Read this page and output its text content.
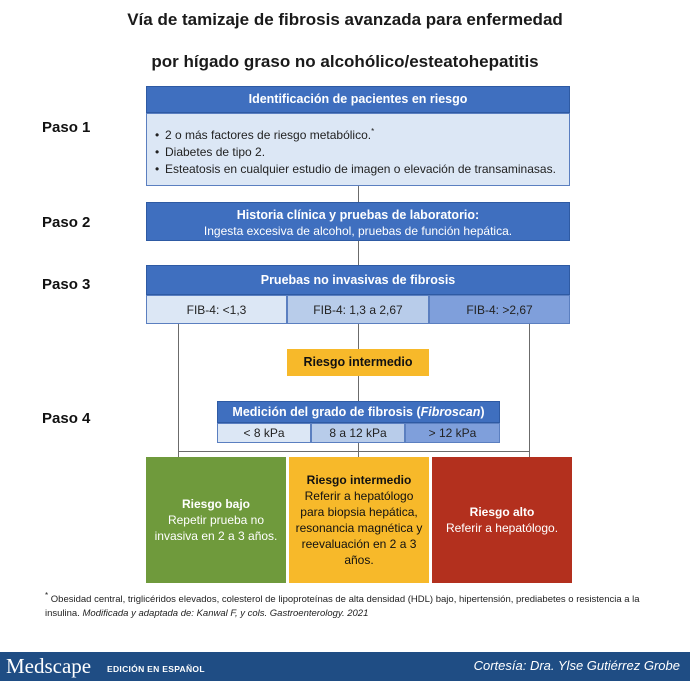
Vía de tamizaje de fibrosis avanzada para enfermedad
por hígado graso no alcohólico/esteatohepatitis
Paso 1
Paso 2
Paso 3
Paso 4
Identificación de pacientes en riesgo
• 2 o más factores de riesgo metabólico.*
• Diabetes de tipo 2.
• Esteatosis en cualquier estudio de imagen o elevación de transaminasas.
Historia clínica y pruebas de laboratorio:
Ingesta excesiva de alcohol, pruebas de función hepática.
Pruebas no invasivas de fibrosis
FIB-4: <1,3	FIB-4: 1,3 a 2,67	FIB-4: >2,67
Riesgo intermedio
Medición del grado de fibrosis (Fibroscan)
< 8 kPa	8 a 12 kPa	> 12 kPa
Riesgo bajo
Repetir prueba no invasiva en 2 a 3 años.
Riesgo intermedio
Referir a hepatólogo para biopsia hepática, resonancia magnética y reevaluación en 2 a 3 años.
Riesgo alto
Referir a hepatólogo.
* Obesidad central, triglicéridos elevados, colesterol de lipoproteínas de alta densidad (HDL) bajo, hipertensión, prediabetes o resistencia a la insulina. Modificada y adaptada de: Kanwal F, y cols. Gastroenterology. 2021
Medscape EDICIÓN EN ESPAÑOL	Cortesía: Dra. Ylse Gutiérrez Grobe
